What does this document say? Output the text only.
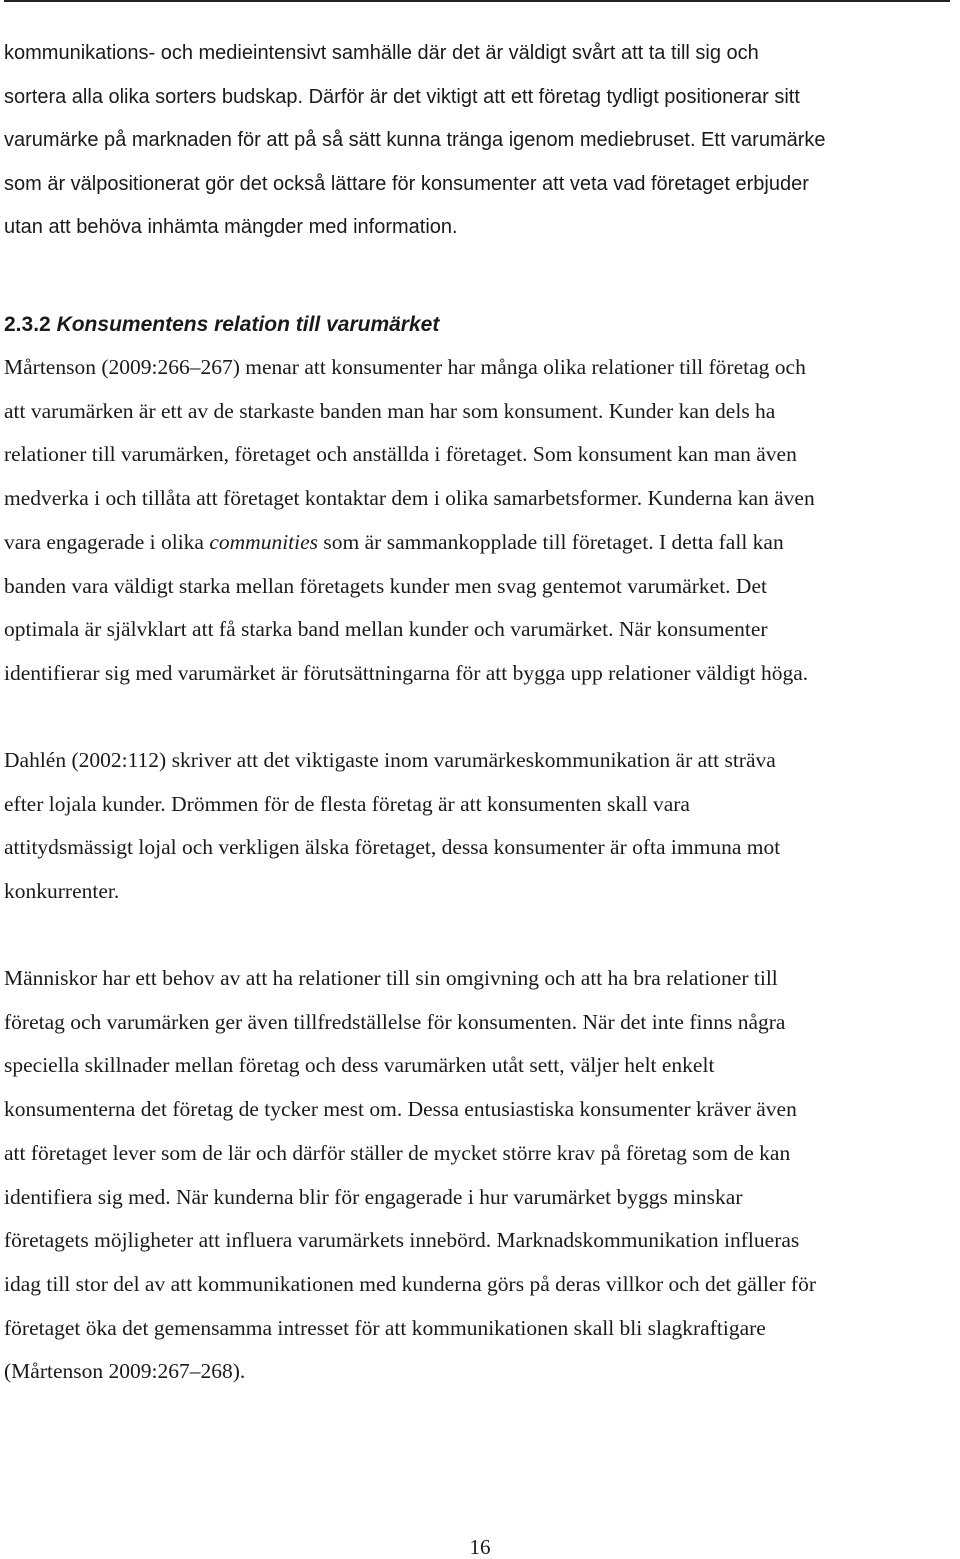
kommunikations- och medieintensivt samhälle där det är väldigt svårt att ta till sig och
sortera alla olika sorters budskap. Därför är det viktigt att ett företag tydligt positionerar sitt
varumärke på marknaden för att på så sätt kunna tränga igenom mediebruset. Ett varumärke
som är välpositionerat gör det också lättare för konsumenter att veta vad företaget erbjuder
utan att behöva inhämta mängder med information.

2.3.2 Konsumentens relation till varumärket

Mårtenson (2009:266–267) menar att konsumenter har många olika relationer till företag och
att varumärken är ett av de starkaste banden man har som konsument. Kunder kan dels ha
relationer till varumärken, företaget och anställda i företaget. Som konsument kan man även
medverka i och tillåta att företaget kontaktar dem i olika samarbetsformer. Kunderna kan även
vara engagerade i olika communities som är sammankopplade till företaget. I detta fall kan
banden vara väldigt starka mellan företagets kunder men svag gentemot varumärket. Det
optimala är självklart att få starka band mellan kunder och varumärket. När konsumenter
identifierar sig med varumärket är förutsättningarna för att bygga upp relationer väldigt höga.

Dahlén (2002:112) skriver att det viktigaste inom varumärkeskommunikation är att sträva
efter lojala kunder. Drömmen för de flesta företag är att konsumenten skall vara
attitydsmässigt lojal och verkligen älska företaget, dessa konsumenter är ofta immuna mot
konkurrenter.

Människor har ett behov av att ha relationer till sin omgivning och att ha bra relationer till
företag och varumärken ger även tillfredställelse för konsumenten. När det inte finns några
speciella skillnader mellan företag och dess varumärken utåt sett, väljer helt enkelt
konsumenterna det företag de tycker mest om. Dessa entusiastiska konsumenter kräver även
att företaget lever som de lär och därför ställer de mycket större krav på företag som de kan
identifiera sig med. När kunderna blir för engagerade i hur varumärket byggs minskar
företagets möjligheter att influera varumärkets innebörd. Marknadskommunikation influeras
idag till stor del av att kommunikationen med kunderna görs på deras villkor och det gäller för
företaget öka det gemensamma intresset för att kommunikationen skall bli slagkraftigare
(Mårtenson 2009:267–268).

16
